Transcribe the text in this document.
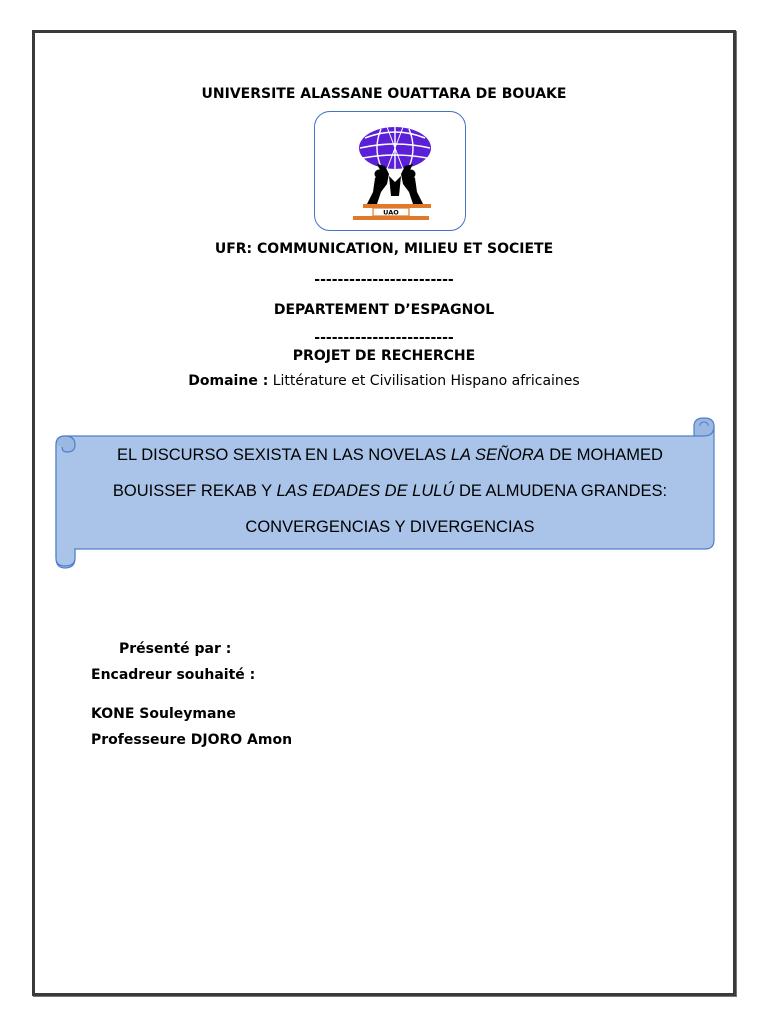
UNIVERSITE ALASSANE OUATTARA DE BOUAKE
UAO
UFR: COMMUNICATION, MILIEU ET SOCIETE
------------------------
DEPARTEMENT D’ESPAGNOL
------------------------
PROJET DE RECHERCHE
Domaine : Littérature et Civilisation Hispano africaines
EL DISCURSO SEXISTA EN LAS NOVELAS LA SEÑORA DE MOHAMED
BOUISSEF REKAB Y LAS EDADES DE LULÚ DE ALMUDENA GRANDES:
CONVERGENCIAS Y DIVERGENCIAS
Présenté par :
Encadreur souhaité :
KONE Souleymane
Professeure DJORO Amon
